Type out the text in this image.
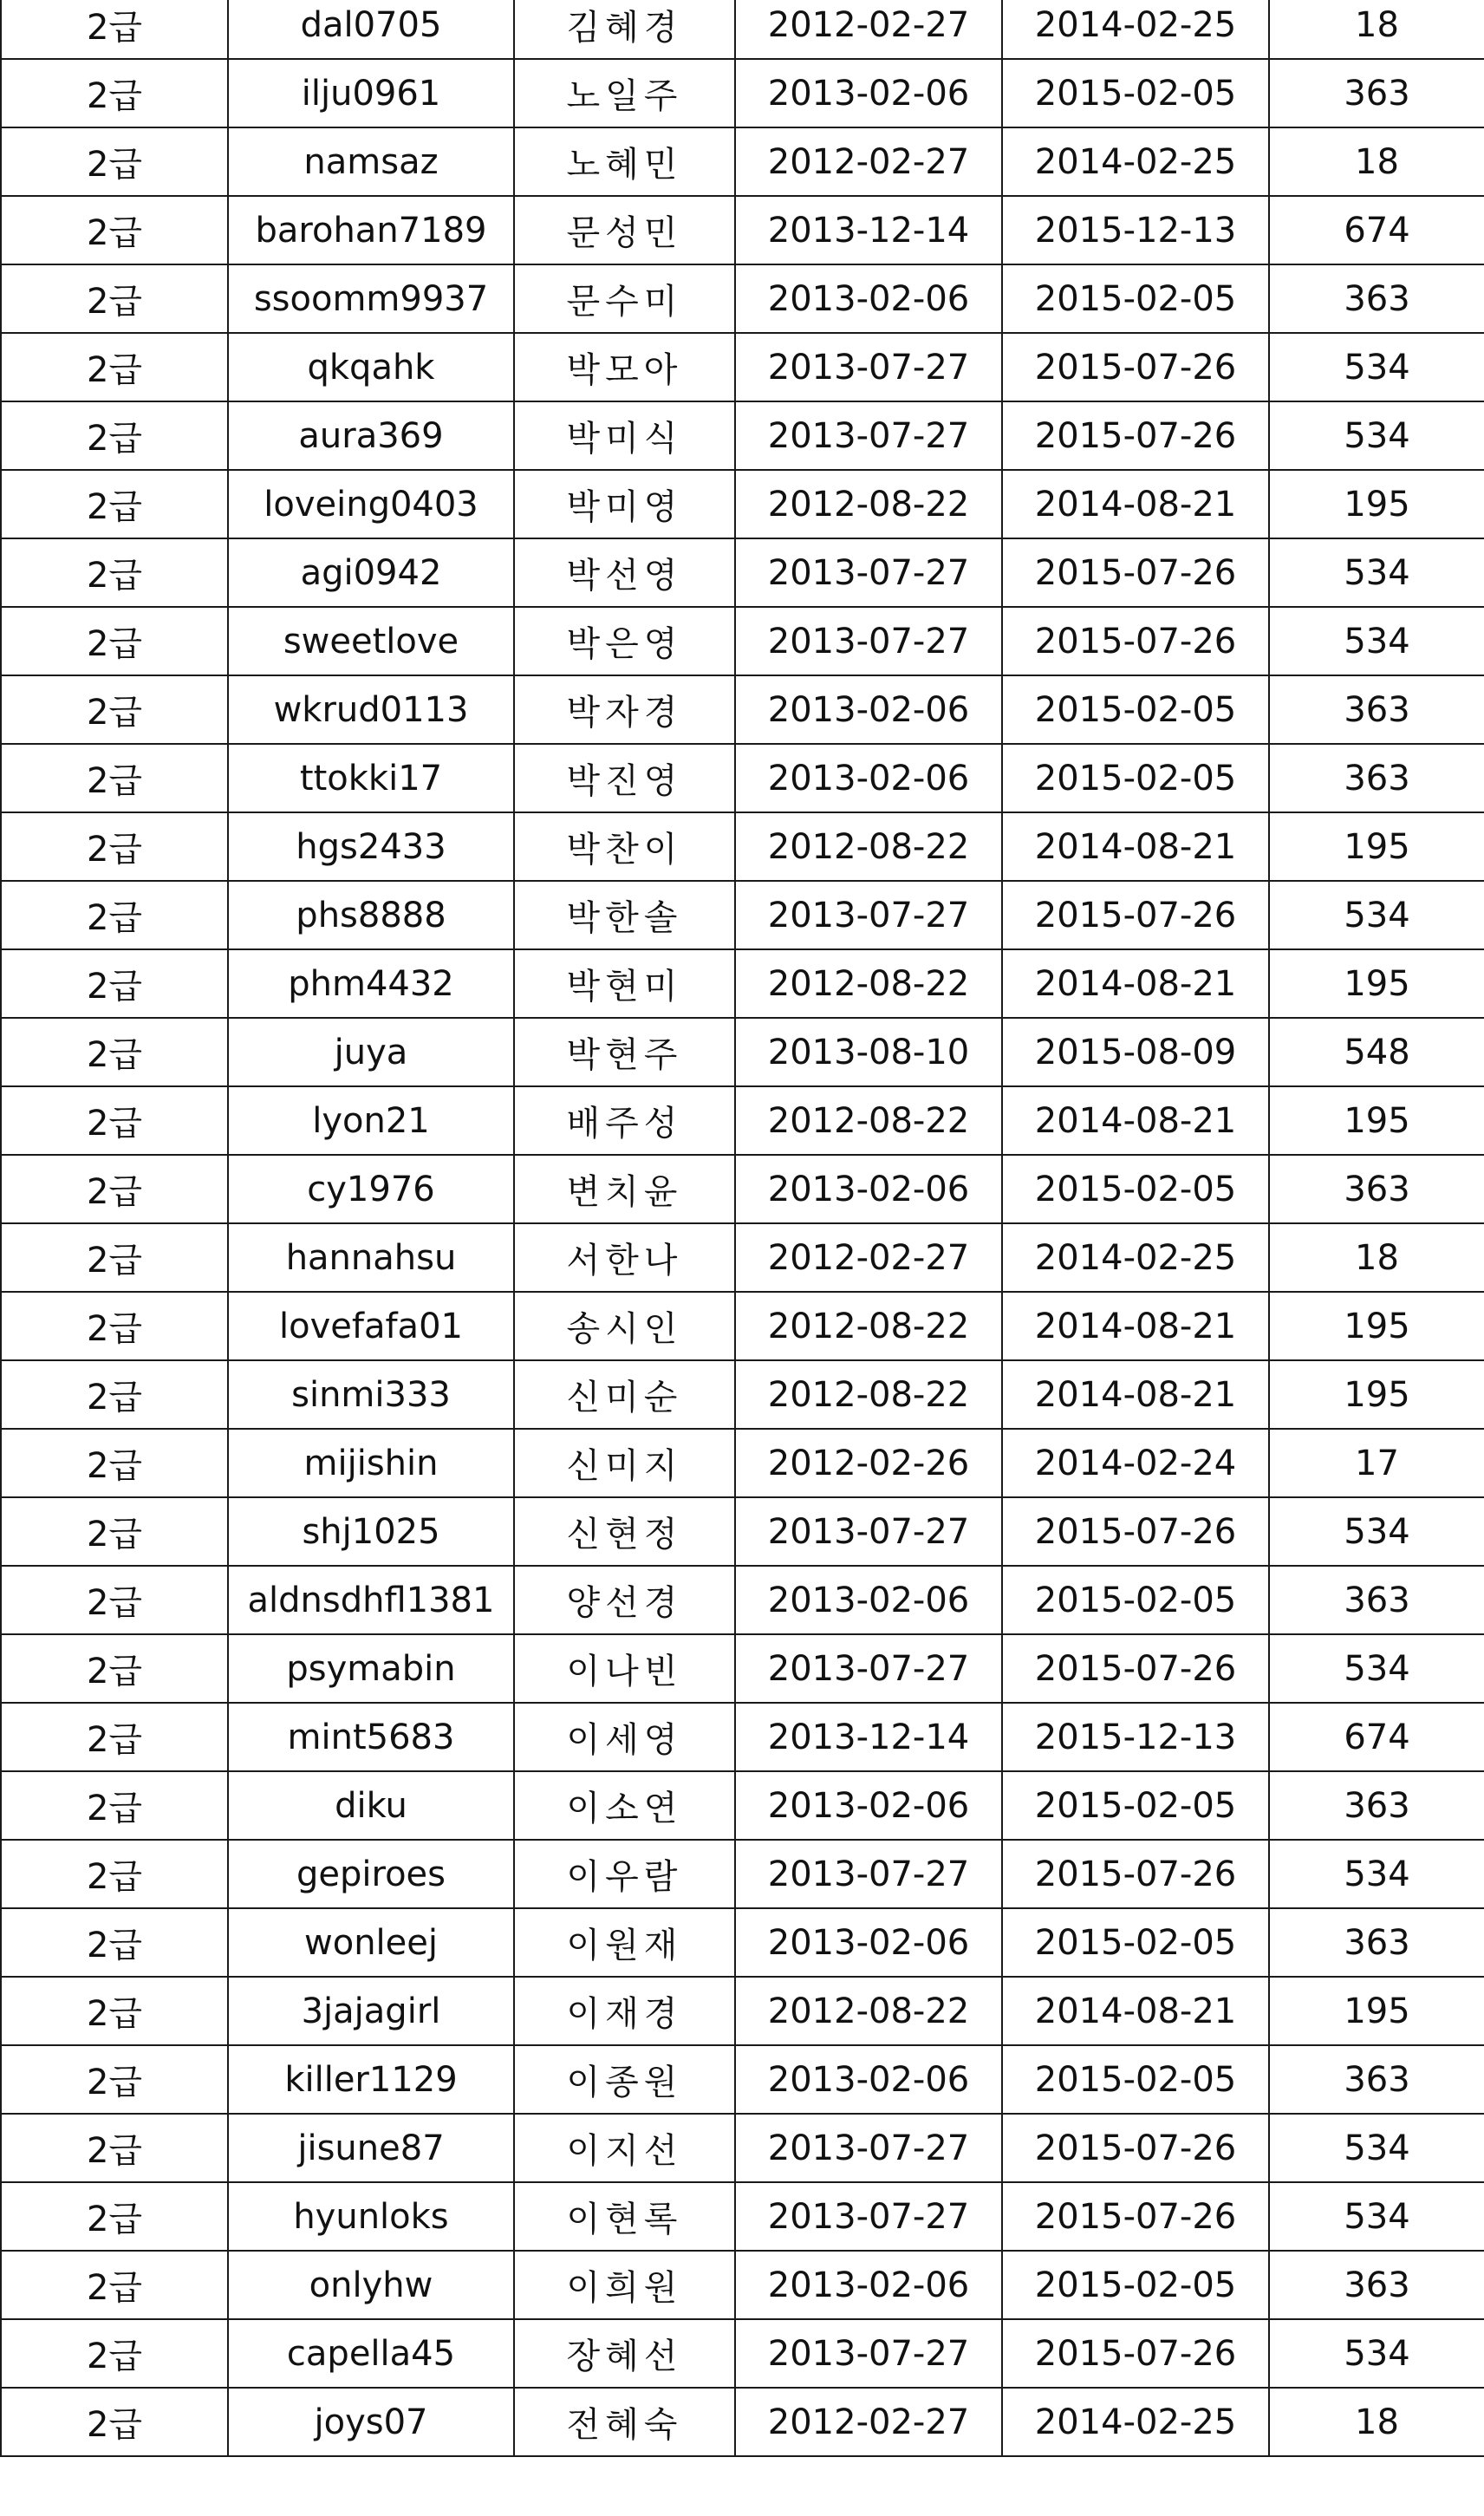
2급	dal0705	김혜경	2012-02-27	2014-02-25	18
2급	ilju0961	노일주	2013-02-06	2015-02-05	363
2급	namsaz	노혜민	2012-02-27	2014-02-25	18
2급	barohan7189	문성민	2013-12-14	2015-12-13	674
2급	ssoomm9937	문수미	2013-02-06	2015-02-05	363
2급	qkqahk	박모아	2013-07-27	2015-07-26	534
2급	aura369	박미식	2013-07-27	2015-07-26	534
2급	loveing0403	박미영	2012-08-22	2014-08-21	195
2급	agi0942	박선영	2013-07-27	2015-07-26	534
2급	sweetlove	박은영	2013-07-27	2015-07-26	534
2급	wkrud0113	박자경	2013-02-06	2015-02-05	363
2급	ttokki17	박진영	2013-02-06	2015-02-05	363
2급	hgs2433	박찬이	2012-08-22	2014-08-21	195
2급	phs8888	박한솔	2013-07-27	2015-07-26	534
2급	phm4432	박현미	2012-08-22	2014-08-21	195
2급	juya	박현주	2013-08-10	2015-08-09	548
2급	lyon21	배주성	2012-08-22	2014-08-21	195
2급	cy1976	변치윤	2013-02-06	2015-02-05	363
2급	hannahsu	서한나	2012-02-27	2014-02-25	18
2급	lovefafa01	송시인	2012-08-22	2014-08-21	195
2급	sinmi333	신미순	2012-08-22	2014-08-21	195
2급	mijishin	신미지	2012-02-26	2014-02-24	17
2급	shj1025	신현정	2013-07-27	2015-07-26	534
2급	aldnsdhfl1381	양선경	2013-02-06	2015-02-05	363
2급	psymabin	이나빈	2013-07-27	2015-07-26	534
2급	mint5683	이세영	2013-12-14	2015-12-13	674
2급	diku	이소연	2013-02-06	2015-02-05	363
2급	gepiroes	이우람	2013-07-27	2015-07-26	534
2급	wonleej	이원재	2013-02-06	2015-02-05	363
2급	3jajagirl	이재경	2012-08-22	2014-08-21	195
2급	killer1129	이종원	2013-02-06	2015-02-05	363
2급	jisune87	이지선	2013-07-27	2015-07-26	534
2급	hyunloks	이현록	2013-07-27	2015-07-26	534
2급	onlyhw	이희원	2013-02-06	2015-02-05	363
2급	capella45	장혜선	2013-07-27	2015-07-26	534
2급	joys07	전혜숙	2012-02-27	2014-02-25	18
